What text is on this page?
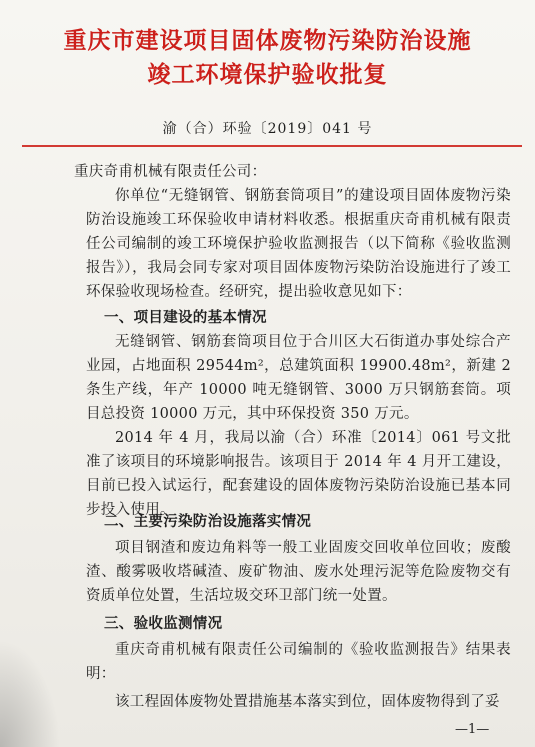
重庆市建设项目固体废物污染防治设施
竣工环境保护验收批复
渝（合）环验〔2019〕041 号

重庆奇甫机械有限责任公司：

你单位“无缝钢管、钢筋套筒项目”的建设项目固体废物污染防治设施竣工环保验收申请材料收悉。根据重庆奇甫机械有限责任公司编制的竣工环境保护验收监测报告（以下简称《验收监测报告》），我局会同专家对项目固体废物污染防治设施进行了竣工环保验收现场检查。经研究，提出验收意见如下：

一、项目建设的基本情况

无缝钢管、钢筋套筒项目位于合川区大石街道办事处综合产业园，占地面积 29544m²，总建筑面积 19900.48m²，新建 2 条生产线，年产 10000 吨无缝钢管、3000 万只钢筋套筒。项目总投资 10000 万元，其中环保投资 350 万元。

2014 年 4 月，我局以渝（合）环准〔2014〕061 号文批准了该项目的环境影响报告。该项目于 2014 年 4 月开工建设，目前已投入试运行，配套建设的固体废物污染防治设施已基本同步投入使用。

二、主要污染防治设施落实情况

项目钢渣和废边角料等一般工业固废交回收单位回收；废酸渣、酸雾吸收塔碱渣、废矿物油、废水处理污泥等危险废物交有资质单位处置，生活垃圾交环卫部门统一处置。

三、验收监测情况

重庆奇甫机械有限责任公司编制的《验收监测报告》结果表明：

该工程固体废物处置措施基本落实到位，固体废物得到了妥

—1—
